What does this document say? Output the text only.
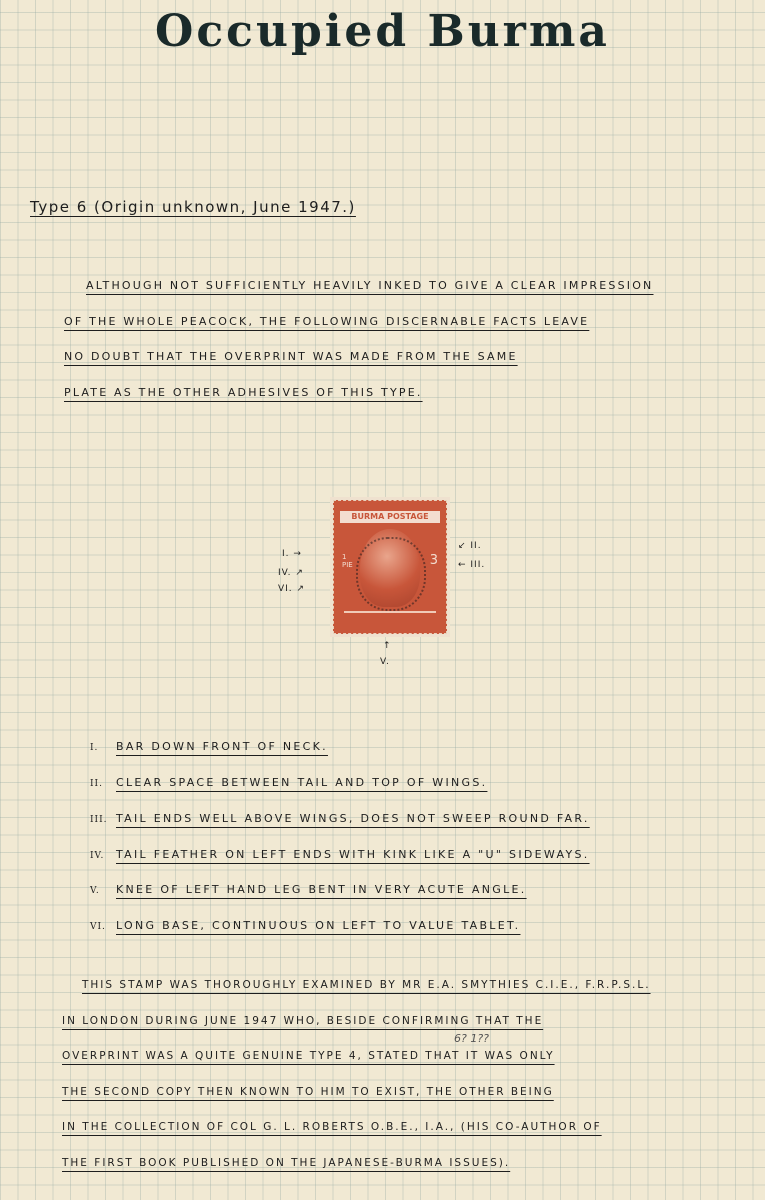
Occupied Burma
Type 6 (Origin unknown, June 1947.)
ALTHOUGH NOT SUFFICIENTLY HEAVILY INKED TO GIVE A CLEAR IMPRESSION
OF THE WHOLE PEACOCK, THE FOLLOWING DISCERNABLE FACTS LEAVE
NO DOUBT THAT THE OVERPRINT WAS MADE FROM THE SAME
PLATE AS THE OTHER ADHESIVES OF THIS TYPE.
BURMA POSTAGE
1 PIE	3
I. →
IV. ↗
VI. ↗
↙ II.
← III.
↑
V.
I. BAR DOWN FRONT OF NECK.
II. CLEAR SPACE BETWEEN TAIL AND TOP OF WINGS.
III. TAIL ENDS WELL ABOVE WINGS, DOES NOT SWEEP ROUND FAR.
IV. TAIL FEATHER ON LEFT ENDS WITH KINK LIKE A "U" SIDEWAYS.
V. KNEE OF LEFT HAND LEG BENT IN VERY ACUTE ANGLE.
VI. LONG BASE, CONTINUOUS ON LEFT TO VALUE TABLET.
THIS STAMP WAS THOROUGHLY EXAMINED BY MR E.A. SMYTHIES C.I.E., F.R.P.S.L.
IN LONDON DURING JUNE 1947 WHO, BESIDE CONFIRMING THAT THE
OVERPRINT WAS A QUITE GENUINE TYPE 4, STATED THAT IT WAS ONLY
THE SECOND COPY THEN KNOWN TO HIM TO EXIST, THE OTHER BEING
IN THE COLLECTION OF COL G. L. ROBERTS O.B.E., I.A., (HIS CO-AUTHOR OF
THE FIRST BOOK PUBLISHED ON THE JAPANESE-BURMA ISSUES).
6? 1??
